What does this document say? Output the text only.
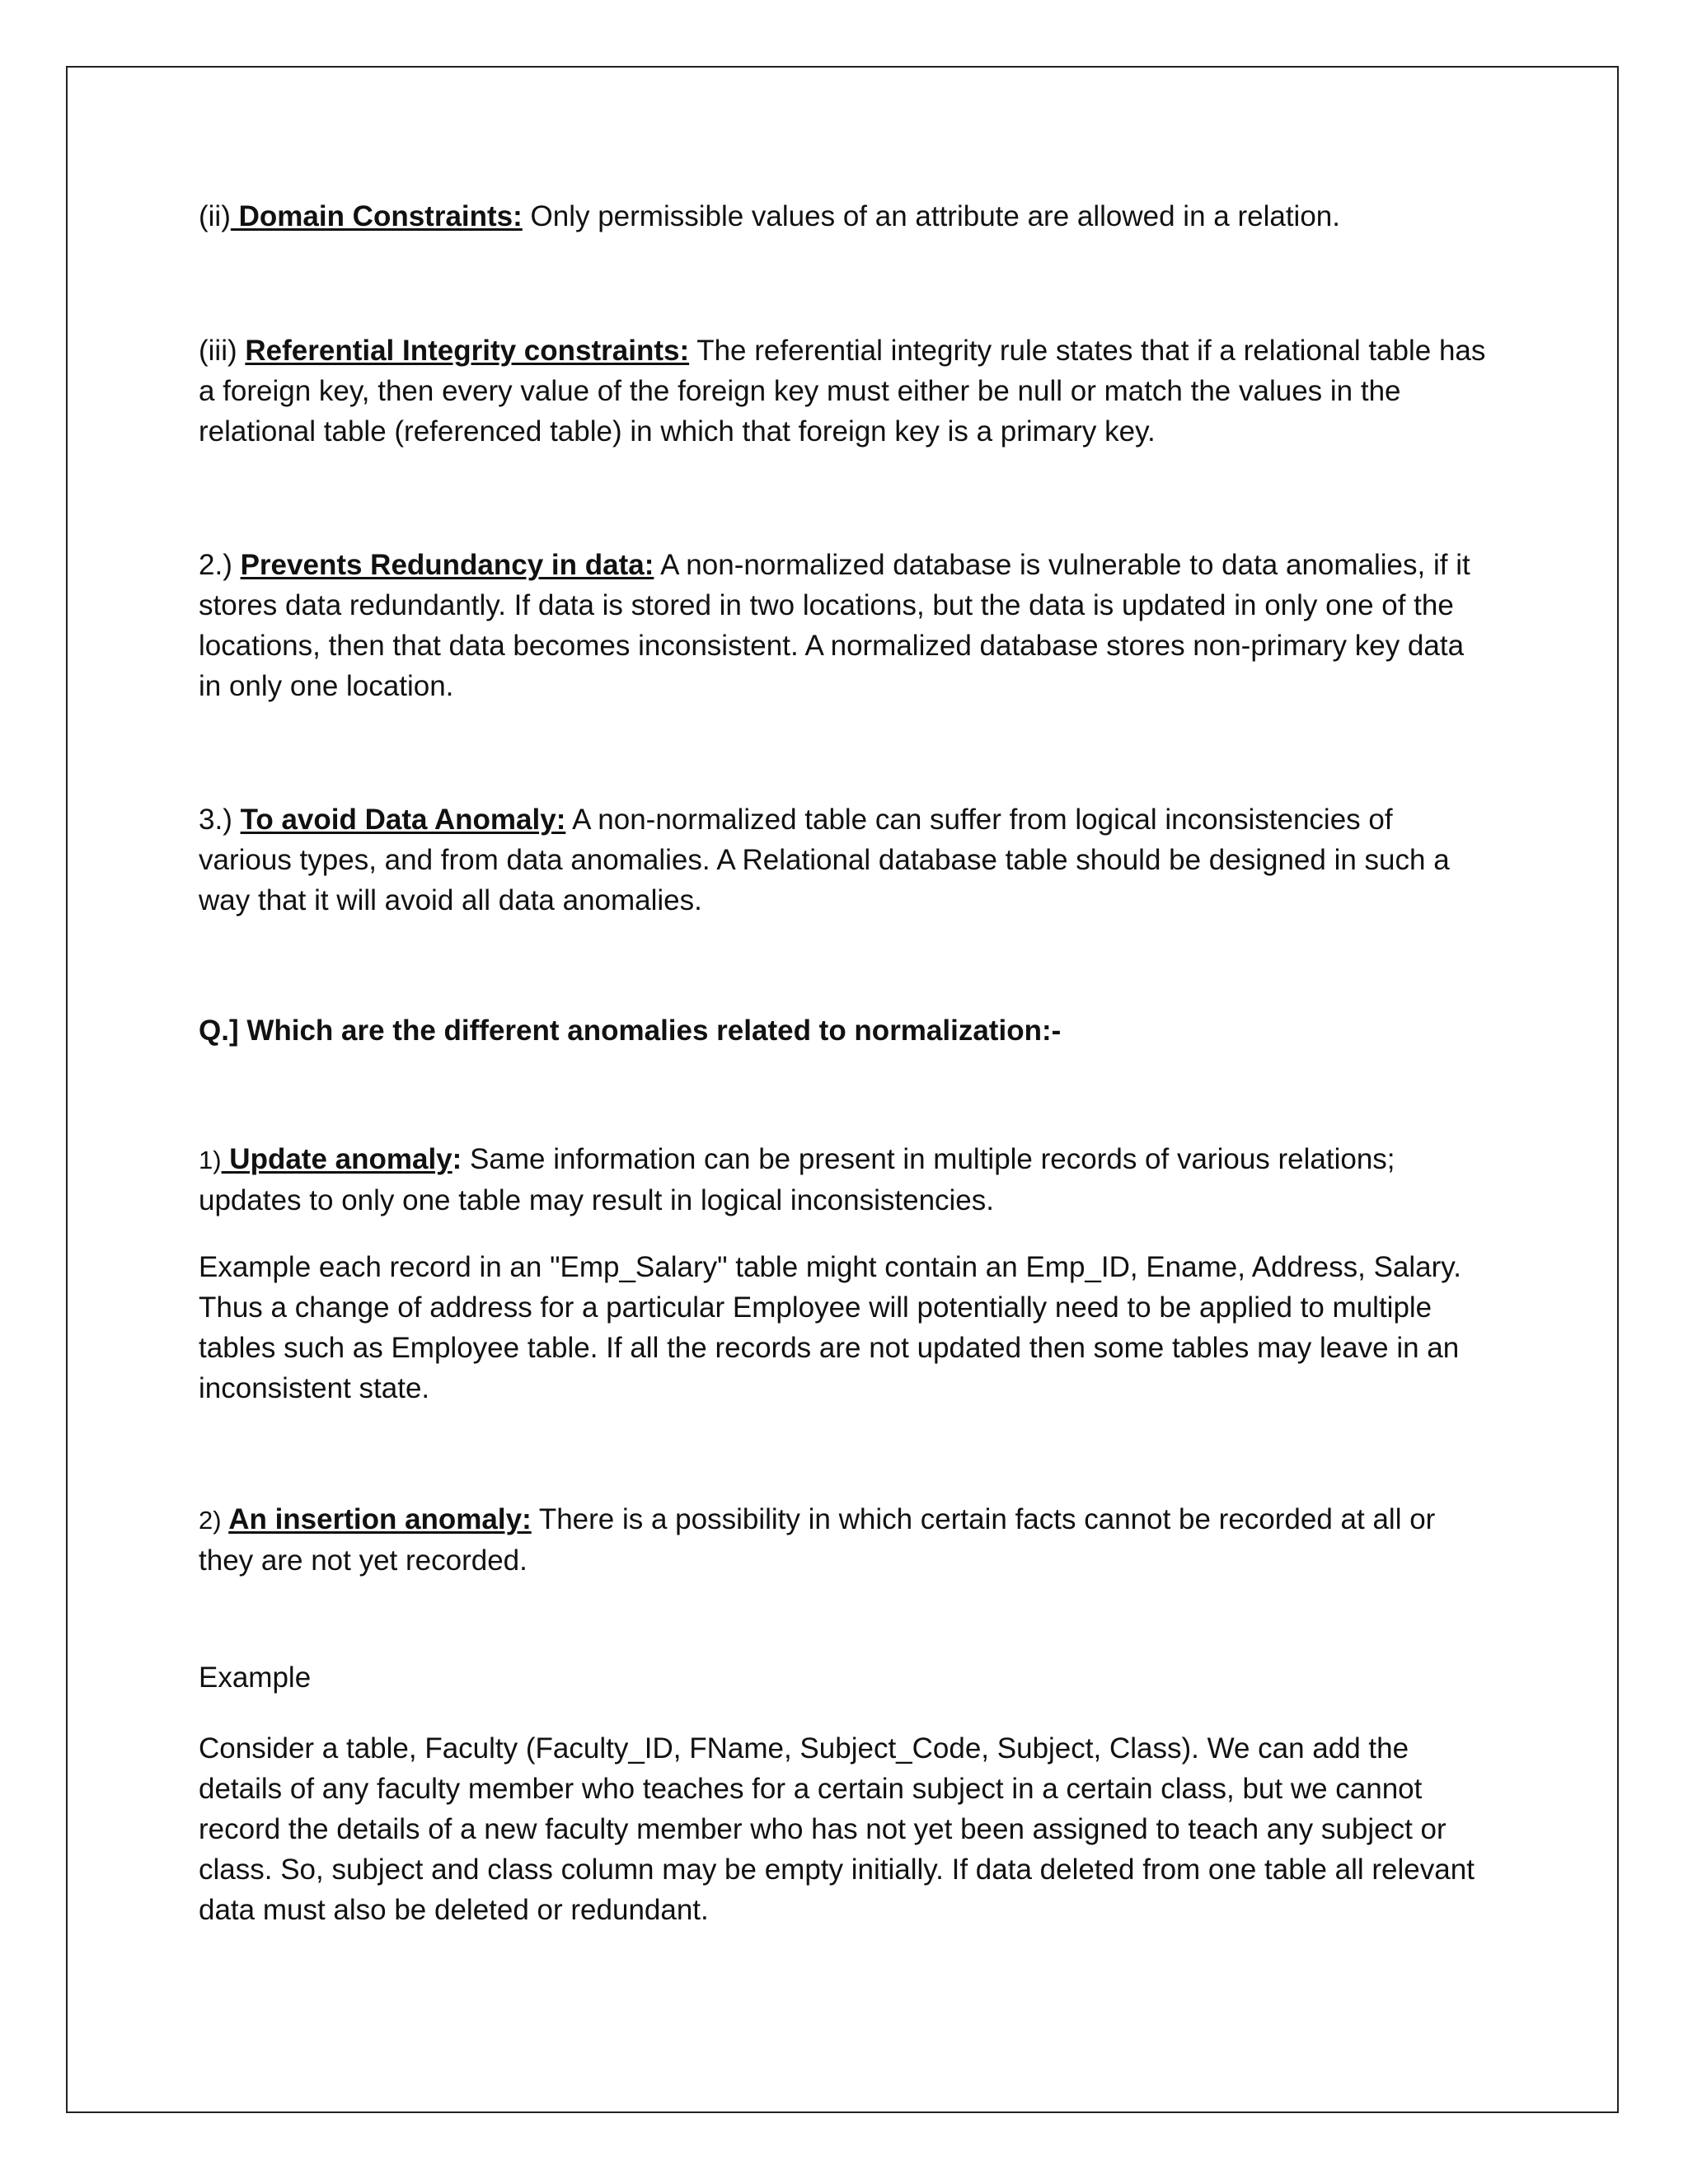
(ii) Domain Constraints: Only permissible values of an attribute are allowed in a relation.

(iii) Referential Integrity constraints: The referential integrity rule states that if a relational table has a foreign key, then every value of the foreign key must either be null or match the values in the relational table (referenced table) in which that foreign key is a primary key.

2.) Prevents Redundancy in data: A non-normalized database is vulnerable to data anomalies, if it stores data redundantly. If data is stored in two locations, but the data is updated in only one of the locations, then that data becomes inconsistent. A normalized database stores non-primary key data in only one location.

3.) To avoid Data Anomaly: A non-normalized table can suffer from logical inconsistencies of various types, and from data anomalies. A Relational database table should be designed in such a way that it will avoid all data anomalies.

Q.] Which are the different anomalies related to normalization:-

1) Update anomaly: Same information can be present in multiple records of various relations; updates to only one table may result in logical inconsistencies.

Example each record in an "Emp_Salary" table might contain an Emp_ID, Ename, Address, Salary. Thus a change of address for a particular Employee will potentially need to be applied to multiple tables such as Employee table. If all the records are not updated then some tables may leave in an inconsistent state.

2) An insertion anomaly: There is a possibility in which certain facts cannot be recorded at all or they are not yet recorded.

Example

Consider a table, Faculty (Faculty_ID, FName, Subject_Code, Subject, Class). We can add the details of any faculty member who teaches for a certain subject in a certain class, but we cannot record the details of a new faculty member who has not yet been assigned to teach any subject or class. So, subject and class column may be empty initially. If data deleted from one table all relevant data must also be deleted or redundant.
